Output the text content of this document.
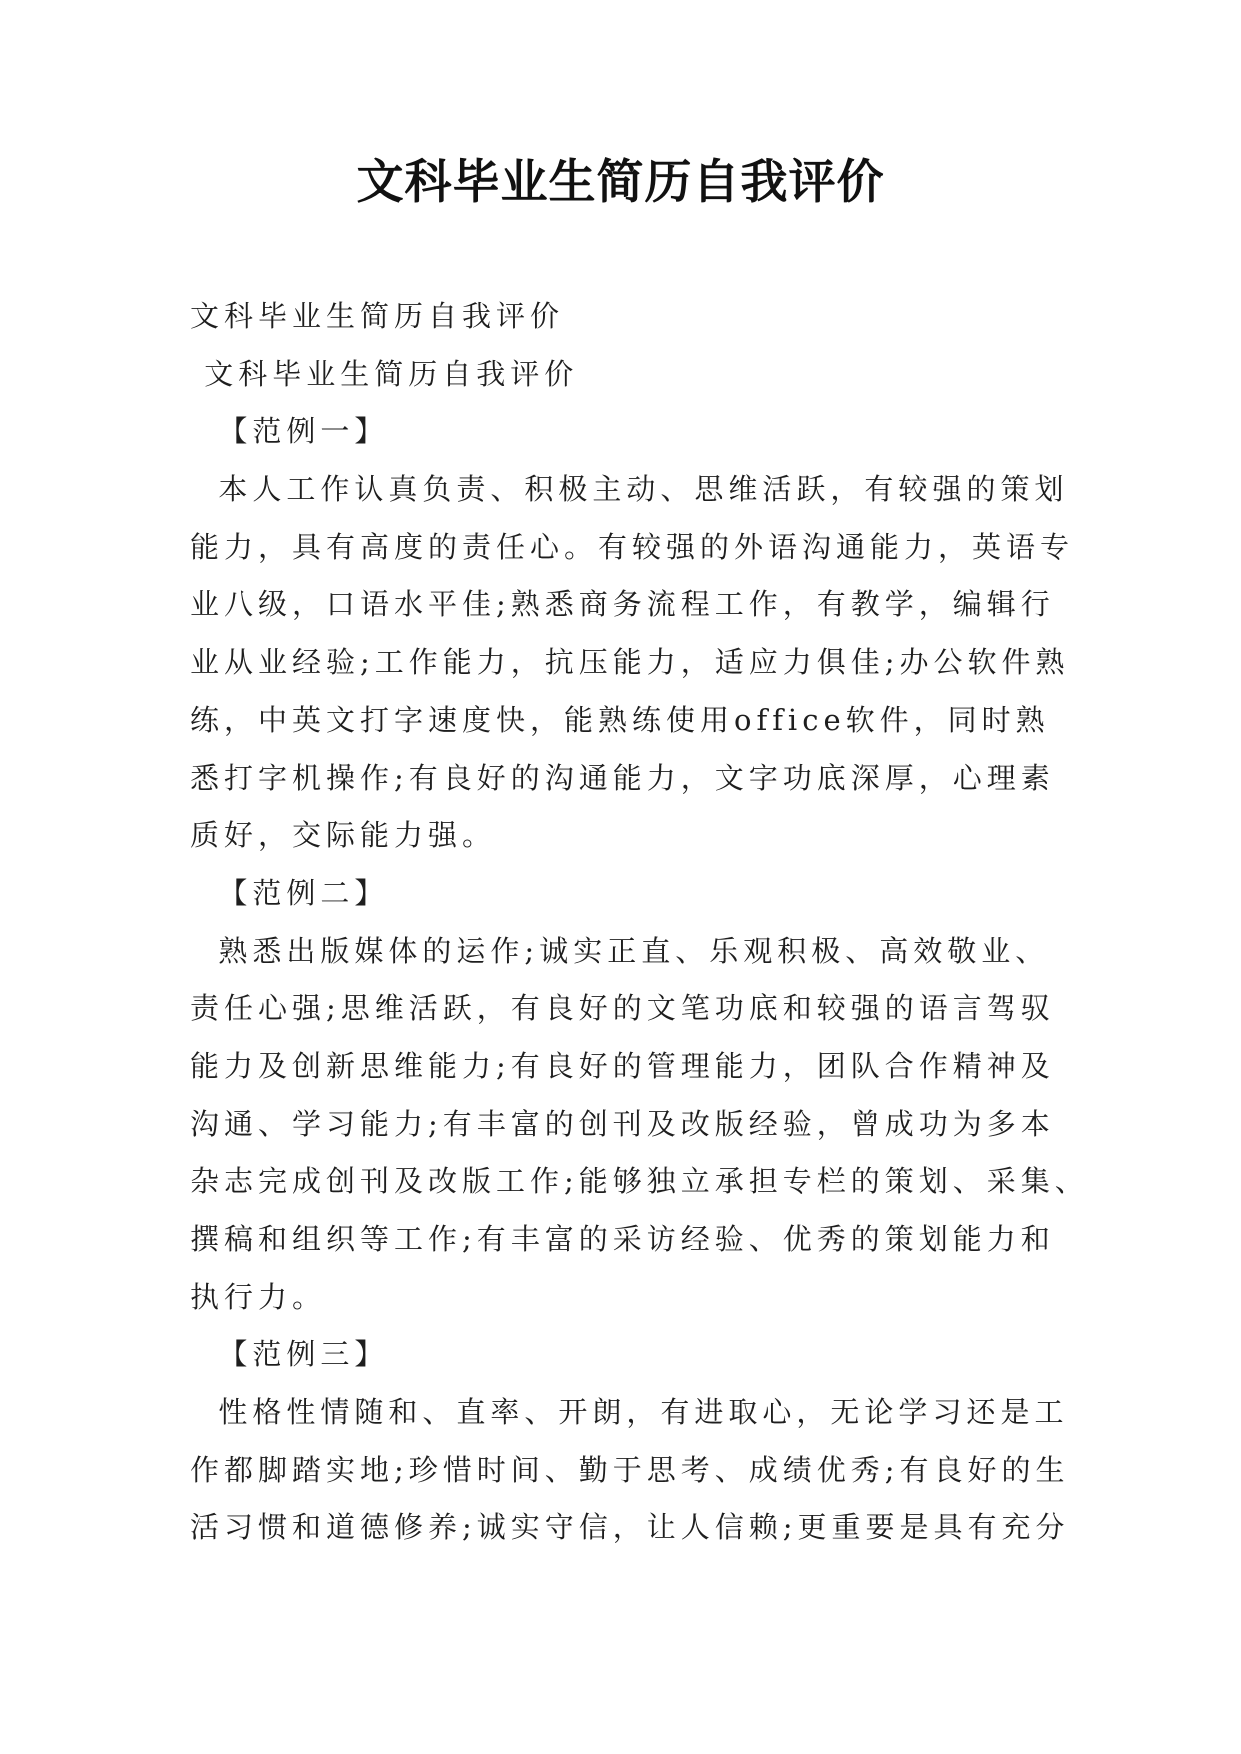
文科毕业生简历自我评价
文科毕业生简历自我评价
文科毕业生简历自我评价
【范例一】
本人工作认真负责、积极主动、思维活跃，有较强的策划
能力，具有高度的责任心。有较强的外语沟通能力，英语专
业八级，口语水平佳;熟悉商务流程工作，有教学，编辑行
业从业经验;工作能力，抗压能力，适应力俱佳;办公软件熟
练，中英文打字速度快，能熟练使用office软件，同时熟
悉打字机操作;有良好的沟通能力，文字功底深厚，心理素
质好，交际能力强。
【范例二】
熟悉出版媒体的运作;诚实正直、乐观积极、高效敬业、
责任心强;思维活跃，有良好的文笔功底和较强的语言驾驭
能力及创新思维能力;有良好的管理能力，团队合作精神及
沟通、学习能力;有丰富的创刊及改版经验，曾成功为多本
杂志完成创刊及改版工作;能够独立承担专栏的策划、采集、
撰稿和组织等工作;有丰富的采访经验、优秀的策划能力和
执行力。
【范例三】
性格性情随和、直率、开朗，有进取心，无论学习还是工
作都脚踏实地;珍惜时间、勤于思考、成绩优秀;有良好的生
活习惯和道德修养;诚实守信，让人信赖;更重要是具有充分
